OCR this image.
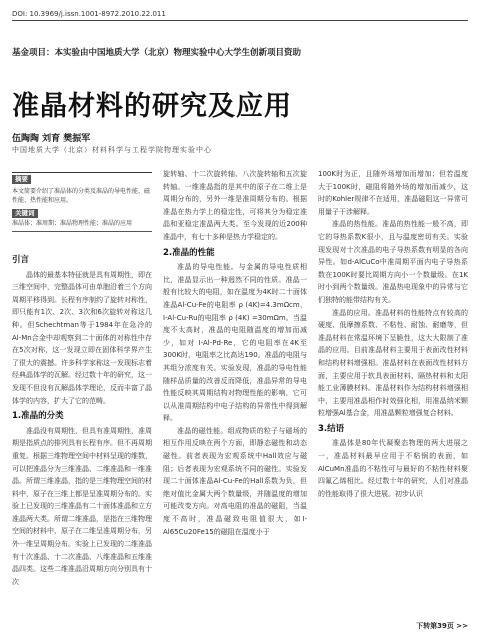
DOI: 10.3969/j.issn.1001-8972.2010.22.011
基金项目：本实验由中国地质大学（北京）物理实验中心大学生创新项目资助
准晶材料的研究及应用
伍陶陶 刘育 樊振军
中国地质大学（北京）材料科学与工程学院物理实验中心
摘要
本文简要介绍了准晶体的分类及准晶的导电性能、磁性能、热性能和应用。
关键词
准晶体；准周期；准晶物理性能；准晶的应用

引言

晶体的最基本特征就是具有周期性，即在三维空间中，完整晶体可由单胞沿着三个方向周期平移得到。长程有序制约了旋转对称性，即只能有1次、2次、3次和6次旋转对称这几种。但Schechtman等于1984年在急冷的Al-Mn合金中却观察到二十面体的对称性中存在5次对称，这一发现立即在固体科学界产生了很大的震撼。许多科学家称这一发现标志着经典晶体学的瓦解。经过数十年的研究，这一发现不但没有瓦解晶体学理论，反而丰富了晶体学的内容，扩大了它的范畴。

1.准晶的分类

准晶没有周期性，但具有准周期性，准周期是指质点的排列具有长程有序。但不再周期重复。根据三维物理空间中材料呈现的维数，可以把准晶分为三维准晶、二维准晶和一维准晶。所谓三维准晶，指的是三维物理空间的材料中，原子在三维上都是呈准周期分布的。实验上已发现的三维准晶有二十面体准晶和立方准晶两大类。所谓二维准晶，是指在三维物理空间的材料中，原子在二维呈准周期分布，另外一维呈周期分布。实验上已发现的二维准晶有十次准晶、十二次准晶、八维准晶和五维准晶四类。这些二维准晶沿周期方向分别具有十次

旋转轴、十二次旋转轴、八次旋转轴和五次旋转轴。一维准晶指的是其中的原子在二维上是周期分布的，另外一维是准周期分布的。根据准晶在热力学上的稳定性，可将其分为稳定准晶和亚稳定准晶两大类。至今发现的近200种准晶中，有七十多种是热力学稳定的。

2.准晶的性能

准晶的导电性能。与金属的导电性质相比，准晶显示出一种迥然不同的性质。准晶一般有比较大的电阻，如在温度为4K时二十面体准晶Al-Cu-Fe的电阻率 ρ (4K)=4.3mΩcm，I-Al-Cu-Ru的电阻率 ρ (4K) =30mΩm。当温度不太高时，准晶的电阻随温度的增加而减少，如对 I-Al-Pd-Re，它的电阻率在4K至300K时，电阻率之比高达190。准晶的电阻与其组分浓度有关。实验发现，准晶的导电性能随样品质量的改善反而降低，准晶异常的导电性能反映其周期结构对物理性能的影响，它可以从准周期结构中电子结构的异常性中得到解释。

准晶的磁性能。组成物质的粒子与磁场的相互作用反映在两个方面，即静态磁性和动态磁性。前者表现为宏观系统中Hall效应与磁阻；后者表现为宏观系统不同的磁性。实验发现二十面体准晶Al-Cu-Fe的Hall系数为负，但绝对值比金属大两个数量级，并随温度的增加可能改变方向。对高电阻的准晶的磁阻，当温度不高时，准晶磁致电阻值很大，如I-Al65Cu20Fe15的磁阻在温度小于

100K时为正，且随外场增加而增加；但若温度大于100K时，磁阻将随外场的增加而减少，这时的Kohler规律不在适用，准晶磁阻这一异常可用量子干涉解释。

准晶的热性能。准晶的热性能一般不高，即它的导热系数K很小，且与温度密切有关。实验现发现对十次准晶的电子导热系数有明显的各向异性。如d-AlCuCo中准周期平面内电子导热系数在100K时要比周期方向小一个数量级。在1K时小到两个数量级。准晶热电现象中的异常与它们独特的能带结构有关。

准晶的应用。准晶材料的性能特点有较高的硬度、低摩擦系数、不粘性、耐蚀、耐磨等，但准晶材料在常温环境下呈脆性，这大大限制了准晶的应用。目前准晶材料主要用于表面改性材料和结构材料增强相。准晶材料在表面改性材料方面，主要应用于软具表面材料、隔热材料和太阳能工业薄膜材料。准晶材料作为结构材料增强相中，主要用准晶相作时效强化相，用准晶纳米颗粒增强Al基合金，用准晶颗粒增强复合材料。

3.结语

准晶体是80年代凝聚态物理的两大进展之一，准晶材料最早应用于不粘锅的表面，如AlCuMn准晶的不粘性可与最好的不粘性材料聚四氟乙烯相比。经过数十年的研究，人们对准晶的性能取得了很大进展。初步认识

下转第39页 >>
